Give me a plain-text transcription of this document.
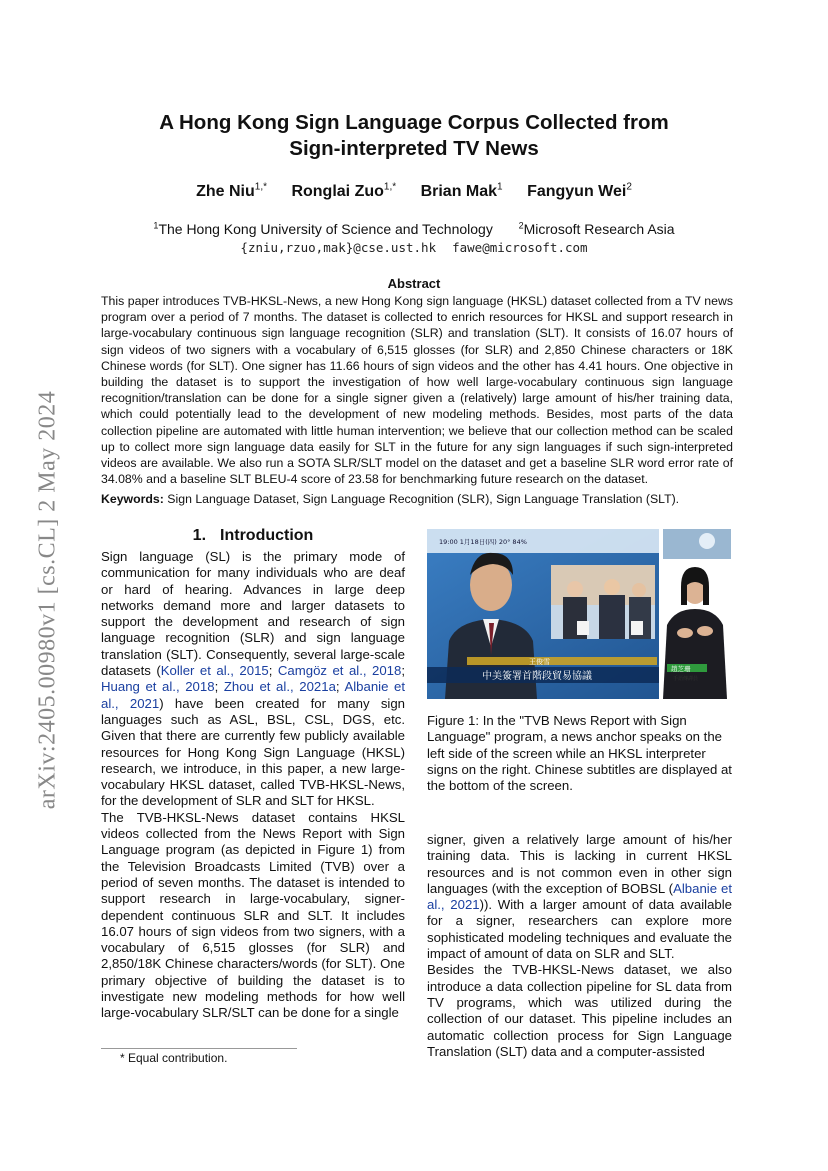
arXiv:2405.00980v1 [cs.CL] 2 May 2024
A Hong Kong Sign Language Corpus Collected from
Sign-interpreted TV News
Zhe Niu$^{1,*}$ Ronglai Zuo$^{1,*}$ Brian Mak$^1$ Fangyun Wei$^2$
$^1$The Hong Kong University of Science and Technology	$^2$Microsoft Research Asia
{zniu,rzuo,mak}@cse.ust.hk fawe@microsoft.com
Abstract
This paper introduces TVB-HKSL-News, a new Hong Kong sign language (HKSL) dataset collected from a TV news program over a period of 7 months. The dataset is collected to enrich resources for HKSL and support research in large-vocabulary continuous sign language recognition (SLR) and translation (SLT). It consists of 16.07 hours of sign videos of two signers with a vocabulary of 6,515 glosses (for SLR) and 2,850 Chinese characters or 18K Chinese words (for SLT). One signer has 11.66 hours of sign videos and the other has 4.41 hours. One objective in building the dataset is to support the investigation of how well large-vocabulary continuous sign language recognition/translation can be done for a single signer given a (relatively) large amount of his/her training data, which could potentially lead to the development of new modeling methods. Besides, most parts of the data collection pipeline are automated with little human intervention; we believe that our collection method can be scaled up to collect more sign language data easily for SLT in the future for any sign languages if such sign-interpreted videos are available. We also run a SOTA SLR/SLT model on the dataset and get a baseline SLR word error rate of 34.08% and a baseline SLT BLEU-4 score of 23.58 for benchmarking future research on the dataset.
Keywords: Sign Language Dataset, Sign Language Recognition (SLR), Sign Language Translation (SLT).
1. Introduction

Sign language (SL) is the primary mode of communication for many individuals who are deaf or hard of hearing. Advances in large deep networks demand more and larger datasets to support the development and research of sign language recognition (SLR) and sign language translation (SLT). Consequently, several large-scale datasets (Koller et al., 2015; Camgöz et al., 2018; Huang et al., 2018; Zhou et al., 2021a; Albanie et al., 2021) have been created for many sign languages such as ASL, BSL, CSL, DGS, etc. Given that there are currently few publicly available resources for Hong Kong Sign Language (HKSL) research, we introduce, in this paper, a new large-vocabulary HKSL dataset, called TVB-HKSL-News, for the development of SLR and SLT for HKSL.

The TVB-HKSL-News dataset contains HKSL videos collected from the News Report with Sign Language program (as depicted in Figure 1) from the Television Broadcasts Limited (TVB) over a period of seven months. The dataset is intended to support research in large-vocabulary, signer-dependent continuous SLR and SLT. It includes 16.07 hours of sign videos from two signers, with a vocabulary of 6,515 glosses (for SLR) and 2,850/18K Chinese characters/words (for SLT). One primary objective of building the dataset is to investigate new modeling methods for how well large-vocabulary SLR/SLT can be done for a single

19:00 1月18日(四) 20° 84%
王俊雪
中美簽署首階段貿易協議
趙芝珊
手語傳譯員
Figure 1: In the "TVB News Report with Sign Language" program, a news anchor speaks on the left side of the screen while an HKSL interpreter signs on the right. Chinese subtitles are displayed at the bottom of the screen.

signer, given a relatively large amount of his/her training data. This is lacking in current HKSL resources and is not common even in other sign languages (with the exception of BOBSL (Albanie et al., 2021)). With a larger amount of data available for a signer, researchers can explore more sophisticated modeling techniques and evaluate the impact of amount of data on SLR and SLT.

Besides the TVB-HKSL-News dataset, we also introduce a data collection pipeline for SL data from TV programs, which was utilized during the collection of our dataset. This pipeline includes an automatic collection process for Sign Language Translation (SLT) data and a computer-assisted

* Equal contribution.
